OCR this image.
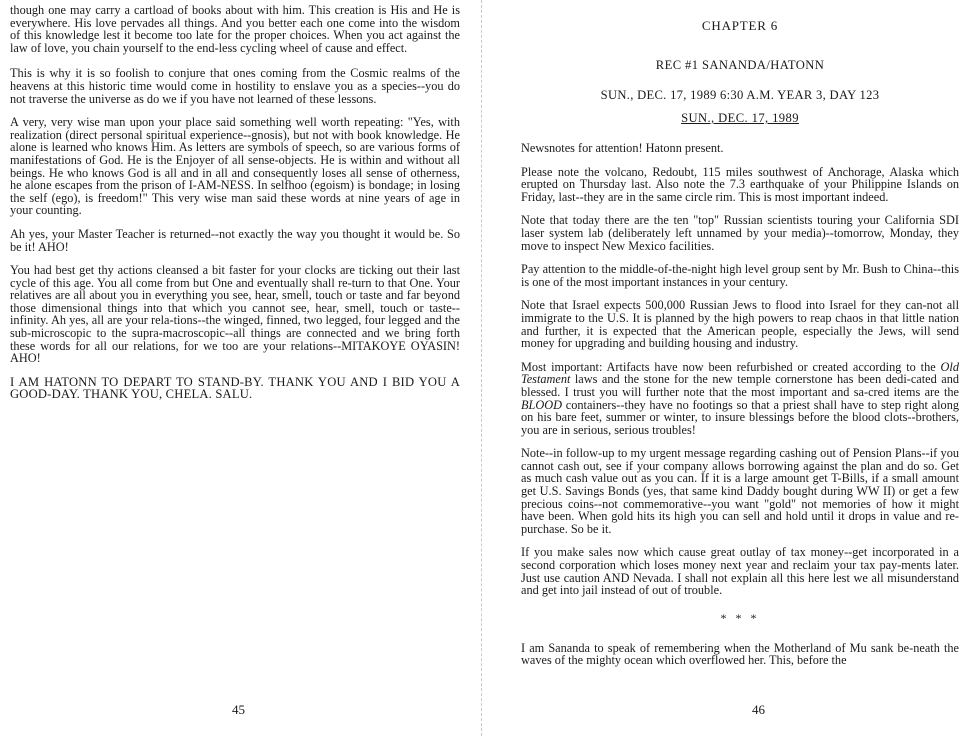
though one may carry a cartload of books about with him. This creation is His and He is everywhere. His love pervades all things. And you better each one come into the wisdom of this knowledge lest it become too late for the proper choices. When you act against the law of love, you chain yourself to the end-less cycling wheel of cause and effect.

This is why it is so foolish to conjure that ones coming from the Cosmic realms of the heavens at this historic time would come in hostility to enslave you as a species--you do not traverse the universe as do we if you have not learned of these lessons.

A very, very wise man upon your place said something well worth repeating: "Yes, with realization (direct personal spiritual experience--gnosis), but not with book knowledge. He alone is learned who knows Him. As letters are symbols of speech, so are various forms of manifestations of God. He is the Enjoyer of all sense-objects. He is within and without all beings. He who knows God is all and in all and consequently loses all sense of otherness, he alone escapes from the prison of I-AM-NESS. In selfhoo (egoism) is bondage; in losing the self (ego), is freedom!" This very wise man said these words at nine years of age in your counting.

Ah yes, your Master Teacher is returned--not exactly the way you thought it would be. So be it! AHO!

You had best get thy actions cleansed a bit faster for your clocks are ticking out their last cycle of this age. You all come from but One and eventually shall re-turn to that One. Your relatives are all about you in everything you see, hear, smell, touch or taste and far beyond those dimensional things into that which you cannot see, hear, smell, touch or taste--infinity. Ah yes, all are your rela-tions--the winged, finned, two legged, four legged and the sub-microscopic to the supra-macroscopic--all things are connected and we bring forth these words for all our relations, for we too are your relations--MITAKOYE OYASIN! AHO!

I AM HATONN TO DEPART TO STAND-BY. THANK YOU AND I BID YOU A GOOD-DAY. THANK YOU, CHELA. SALU.

CHAPTER 6
REC #1 SANANDA/HATONN
SUN., DEC. 17, 1989 6:30 A.M. YEAR 3, DAY 123
SUN., DEC. 17, 1989

Newsnotes for attention! Hatonn present.

Please note the volcano, Redoubt, 115 miles southwest of Anchorage, Alaska which erupted on Thursday last. Also note the 7.3 earthquake of your Philippine Islands on Friday, last--they are in the same circle rim. This is most important indeed.

Note that today there are the ten "top" Russian scientists touring your California SDI laser system lab (deliberately left unnamed by your media)--tomorrow, Monday, they move to inspect New Mexico facilities.

Pay attention to the middle-of-the-night high level group sent by Mr. Bush to China--this is one of the most important instances in your century.

Note that Israel expects 500,000 Russian Jews to flood into Israel for they can-not all immigrate to the U.S. It is planned by the high powers to reap chaos in that little nation and further, it is expected that the American people, especially the Jews, will send money for upgrading and building housing and industry.

Most important: Artifacts have now been refurbished or created according to the Old Testament laws and the stone for the new temple cornerstone has been dedi-cated and blessed. I trust you will further note that the most important and sa-cred items are the BLOOD containers--they have no footings so that a priest shall have to step right along on his bare feet, summer or winter, to insure blessings before the blood clots--brothers, you are in serious, serious troubles!

Note--in follow-up to my urgent message regarding cashing out of Pension Plans--if you cannot cash out, see if your company allows borrowing against the plan and do so. Get as much cash value out as you can. If it is a large amount get T-Bills, if a small amount get U.S. Savings Bonds (yes, that same kind Daddy bought during WW II) or get a few precious coins--not commemorative--you want "gold" not memories of how it might have been. When gold hits its high you can sell and hold until it drops in value and re-purchase. So be it.

If you make sales now which cause great outlay of tax money--get incorporated in a second corporation which loses money next year and reclaim your tax pay-ments later. Just use caution AND Nevada. I shall not explain all this here lest we all misunderstand and get into jail instead of out of trouble.

* * *

I am Sananda to speak of remembering when the Motherland of Mu sank be-neath the waves of the mighty ocean which overflowed her. This, before the

45	46
